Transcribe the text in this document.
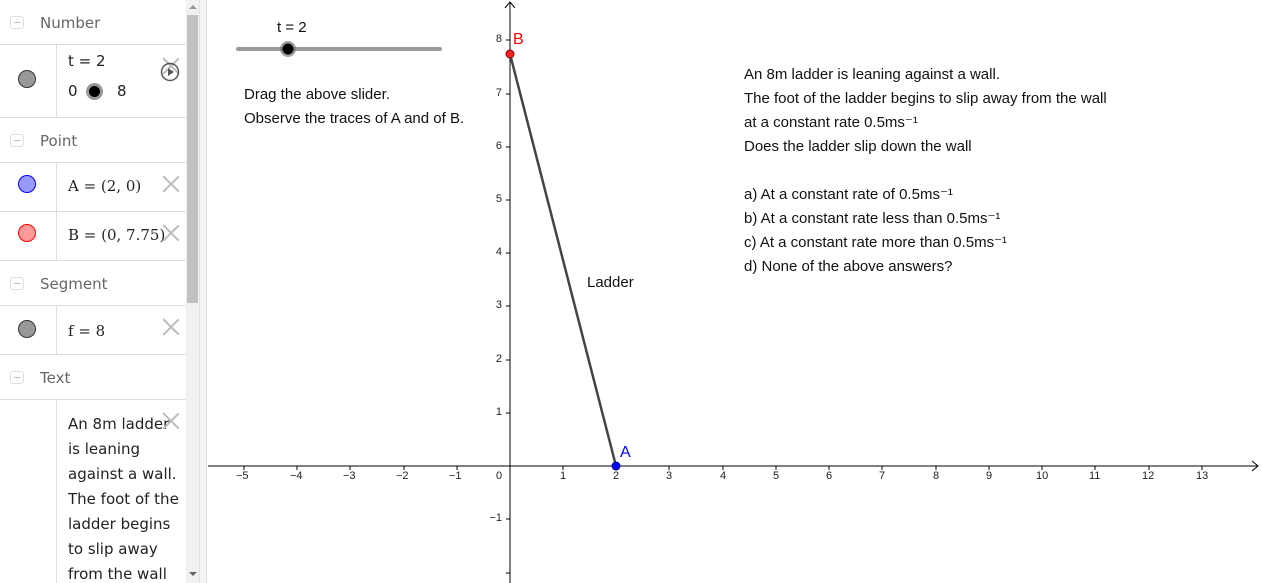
Number
t = 2
0	8
Point
A = (2, 0)
B = (0, 7.75)
Segment
f = 8
Text
An 8m ladder
is leaning
against a wall.
The foot of the
ladder begins
to slip away
from the wall
−5	−4	−3	−2	−1	0	1	2	3	4	5	6	7	8	9	10	11	12	13
−1
1
2
3
4
5
6
7
8
t = 2
B
A
Ladder
Drag the above slider.
Observe the traces of A and of B.
An 8m ladder is leaning against a wall.
The foot of the ladder begins to slip away from the wall
at a constant rate 0.5ms⁻¹
Does the ladder slip down the wall
a) At a constant rate of 0.5ms⁻¹
b) At a constant rate less than 0.5ms⁻¹
c) At a constant rate more than 0.5ms⁻¹
d) None of the above answers?
